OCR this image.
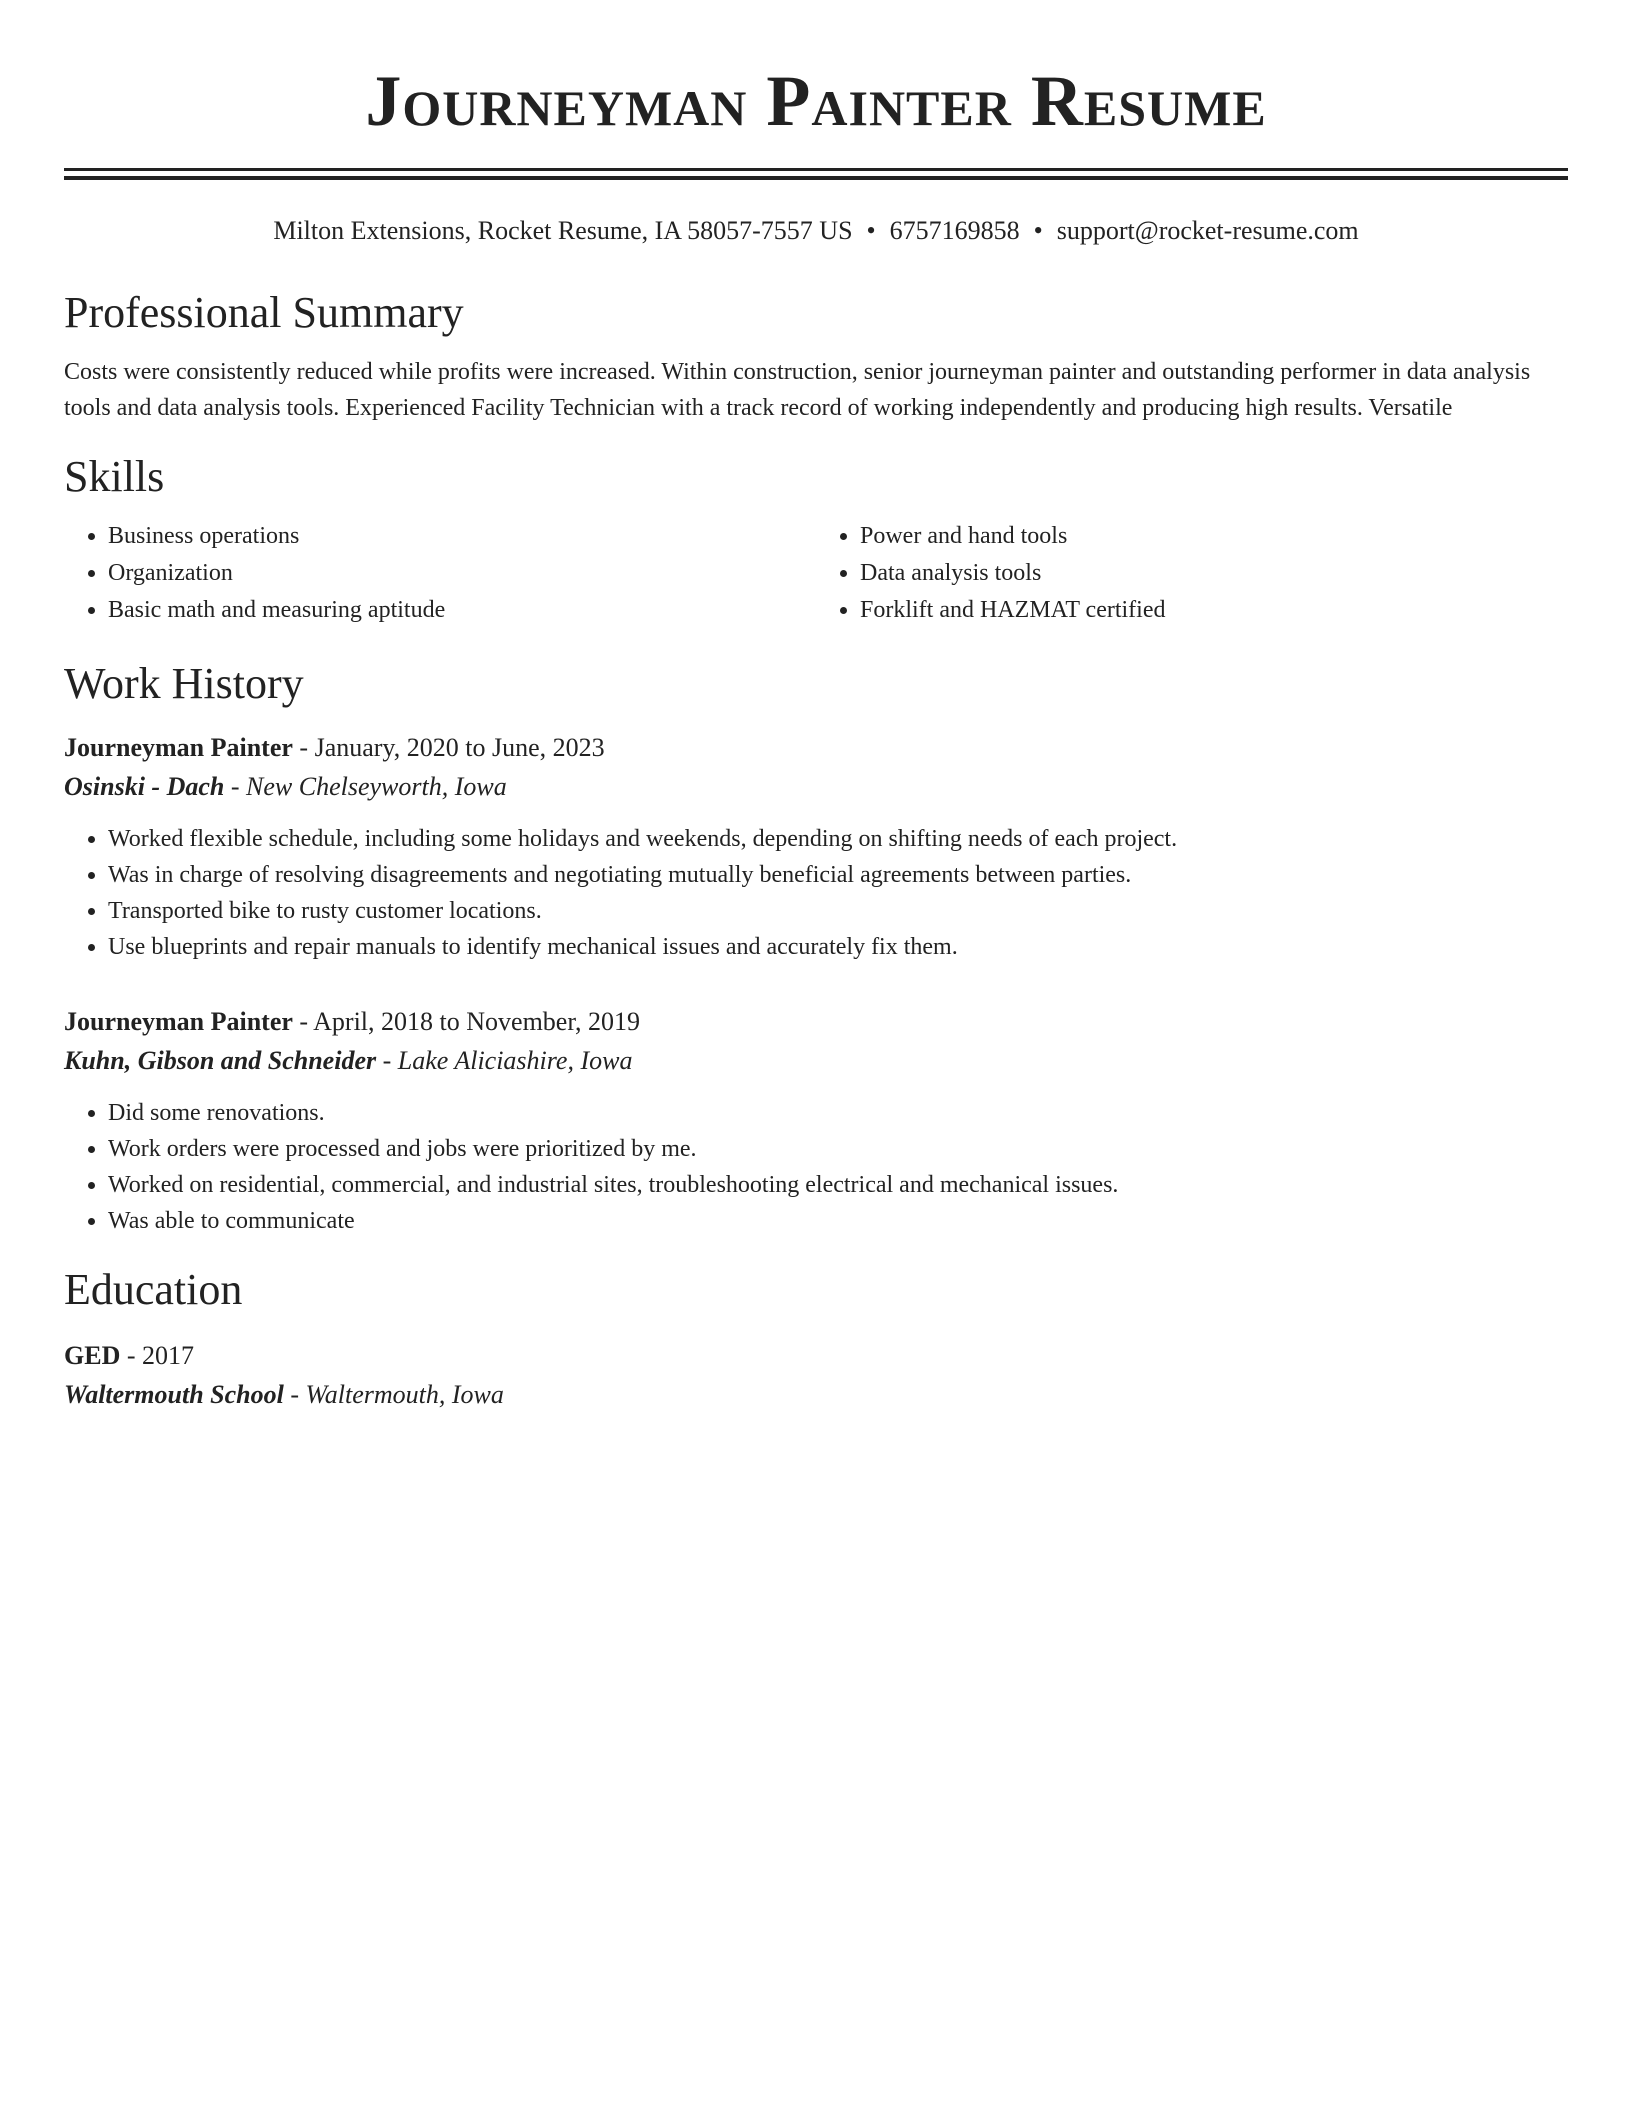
Journeyman Painter Resume
Milton Extensions, Rocket Resume, IA 58057-7557 US • 6757169858 • support@rocket-resume.com
Professional Summary

Costs were consistently reduced while profits were increased. Within construction, senior journeyman painter and outstanding performer in data analysis tools and data analysis tools. Experienced Facility Technician with a track record of working independently and producing high results. Versatile

Skills
• Business operations
• Organization
• Basic math and measuring aptitude
• Power and hand tools
• Data analysis tools
• Forklift and HAZMAT certified
Work History
Journeyman Painter - January, 2020 to June, 2023
Osinski - Dach - New Chelseyworth, Iowa
• Worked flexible schedule, including some holidays and weekends, depending on shifting needs of each project.
• Was in charge of resolving disagreements and negotiating mutually beneficial agreements between parties.
• Transported bike to rusty customer locations.
• Use blueprints and repair manuals to identify mechanical issues and accurately fix them.
Journeyman Painter - April, 2018 to November, 2019
Kuhn, Gibson and Schneider - Lake Aliciashire, Iowa
• Did some renovations.
• Work orders were processed and jobs were prioritized by me.
• Worked on residential, commercial, and industrial sites, troubleshooting electrical and mechanical issues.
• Was able to communicate
Education
GED - 2017
Waltermouth School - Waltermouth, Iowa
